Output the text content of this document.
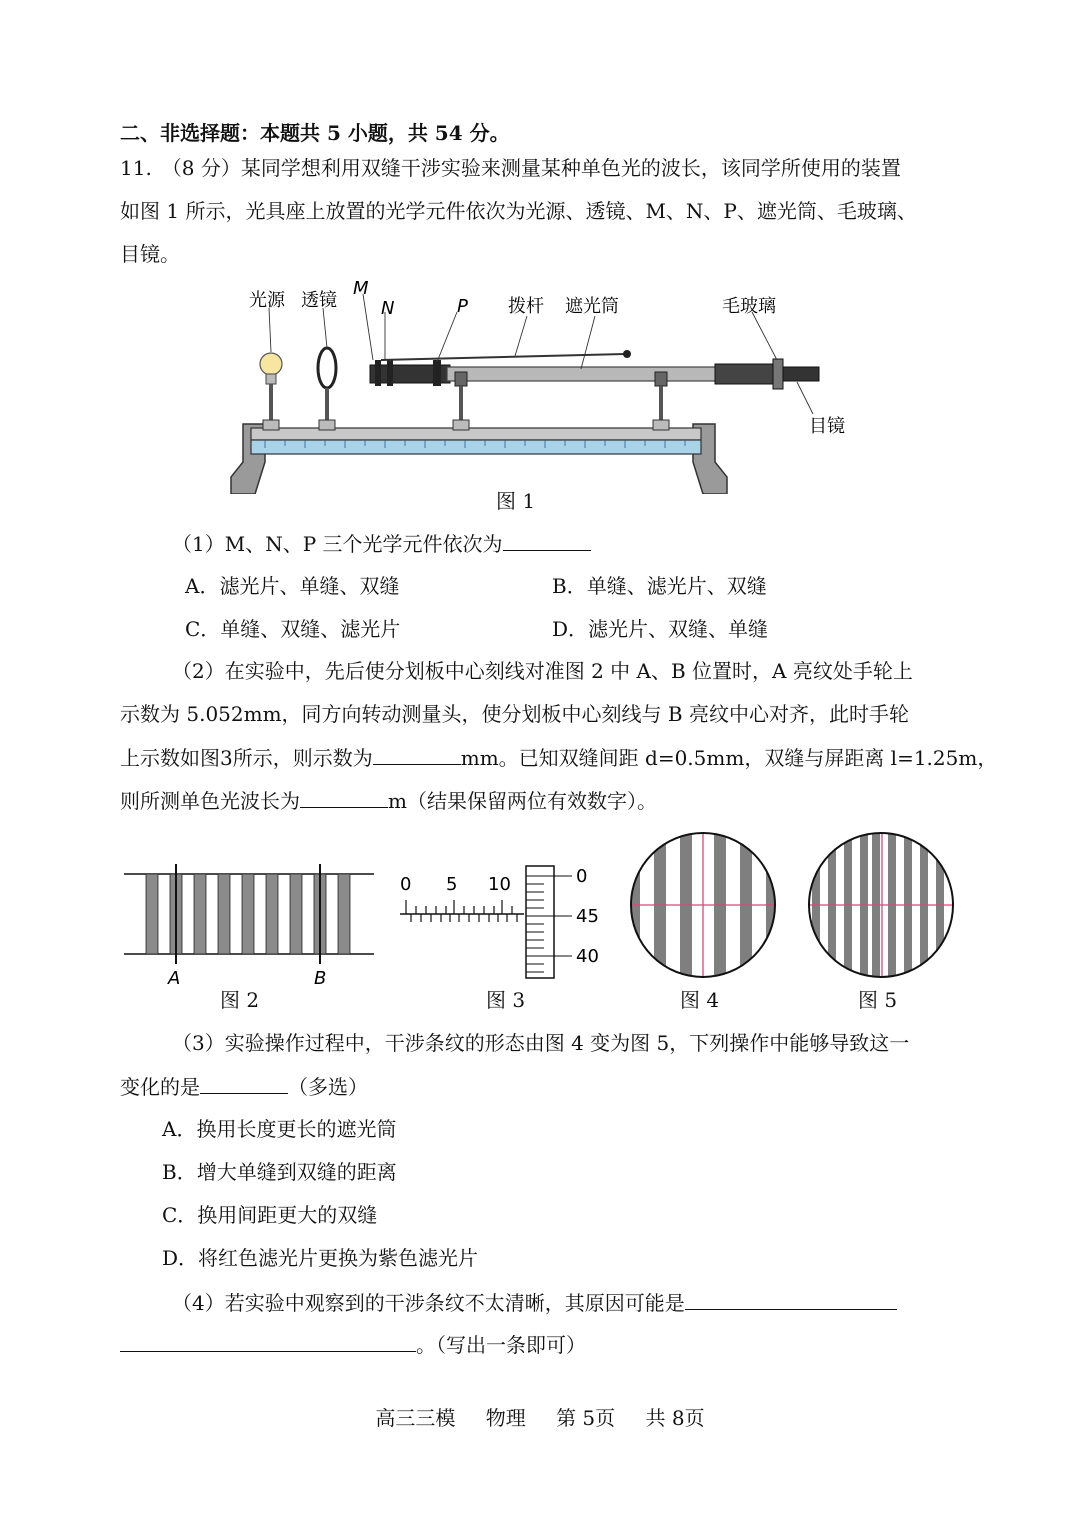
二、非选择题：本题共 5 小题，共 54 分。
11.　（8 分）某同学想利用双缝干涉实验来测量某种单色光的波长，该同学所使用的装置
如图 1 所示，光具座上放置的光学元件依次为光源、透镜、M、N、P、遮光筒、毛玻璃、
目镜。
光源 透镜
M
N	P 拨杆 遮光筒	毛玻璃
目镜
图 1
（1）M、N、P 三个光学元件依次为
A．滤光片、单缝、双缝	B．单缝、滤光片、双缝
C．单缝、双缝、滤光片	D．滤光片、双缝、单缝
（2）在实验中，先后使分划板中心刻线对准图 2 中 A、B 位置时，A 亮纹处手轮上
示数为 5.052mm，同方向转动测量头，使分划板中心刻线与 B 亮纹中心对齐，此时手轮
上示数如图3所示，则示数为	mm。已知双缝间距 d=0.5mm，双缝与屏距离 l=1.25m，
则所测单色光波长为	m（结果保留两位有效数字）。
A	B
图 2
0 5 10	0
45
40
图 3	图 4	图 5
（3）实验操作过程中，干涉条纹的形态由图 4 变为图 5，下列操作中能够导致这一
变化的是	（多选）
A．换用长度更长的遮光筒
B．增大单缝到双缝的距离
C．换用间距更大的双缝
D．将红色滤光片更换为紫色滤光片
（4）若实验中观察到的干涉条纹不太清晰，其原因可能是
。（写出一条即可）
高三三模 物理 第 5页 共 8页
